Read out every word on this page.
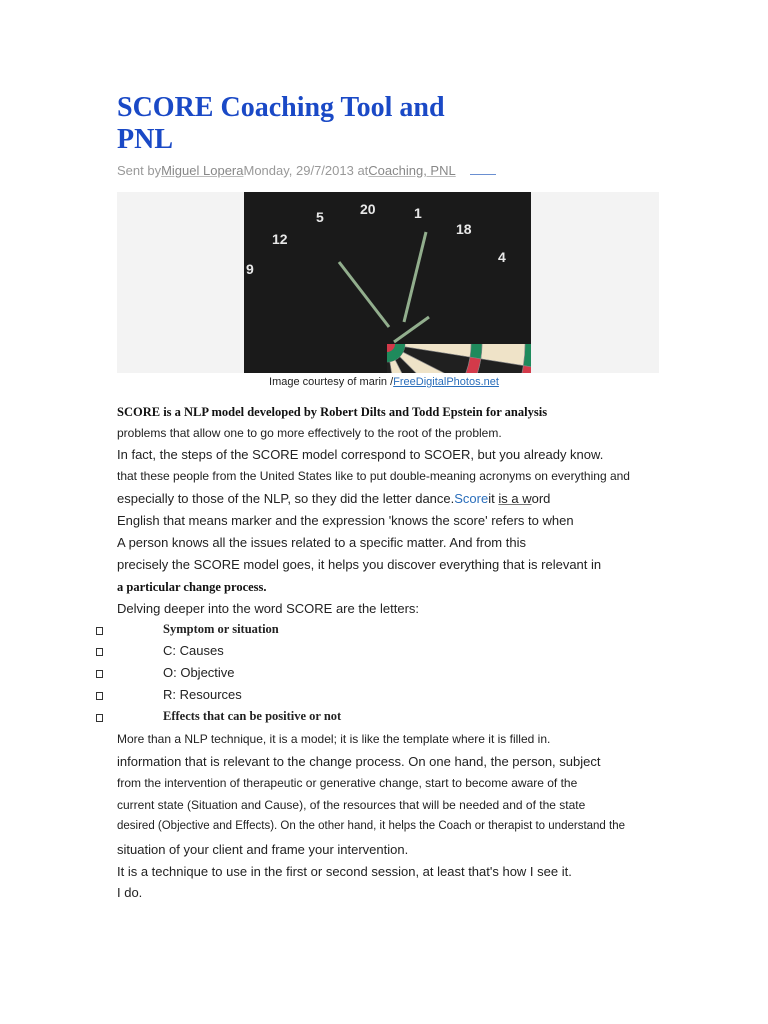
SCORE Coaching Tool and
PNL
Sent byMiguel LoperaMonday, 29/7/2013 atCoaching, PNL
5	20	1
18
12
4
9
Image courtesy of marin /FreeDigitalPhotos.net
SCORE is a NLP model developed by Robert Dilts and Todd Epstein for analysis
problems that allow one to go more effectively to the root of the problem.
In fact, the steps of the SCORE model correspond to SCOER, but you already know.
that these people from the United States like to put double-meaning acronyms on everything and
especially to those of the NLP, so they did the letter dance.Scoreit is a word
English that means marker and the expression 'knows the score' refers to when
A person knows all the issues related to a specific matter. And from this
precisely the SCORE model goes, it helps you discover everything that is relevant in
a particular change process.
Delving deeper into the word SCORE are the letters:
Symptom or situation
C: Causes
O: Objective
R: Resources
Effects that can be positive or not
More than a NLP technique, it is a model; it is like the template where it is filled in.
information that is relevant to the change process. On one hand, the person, subject
from the intervention of therapeutic or generative change, start to become aware of the
current state (Situation and Cause), of the resources that will be needed and of the state
desired (Objective and Effects). On the other hand, it helps the Coach or therapist to understand the
situation of your client and frame your intervention.
It is a technique to use in the first or second session, at least that's how I see it.
I do.
